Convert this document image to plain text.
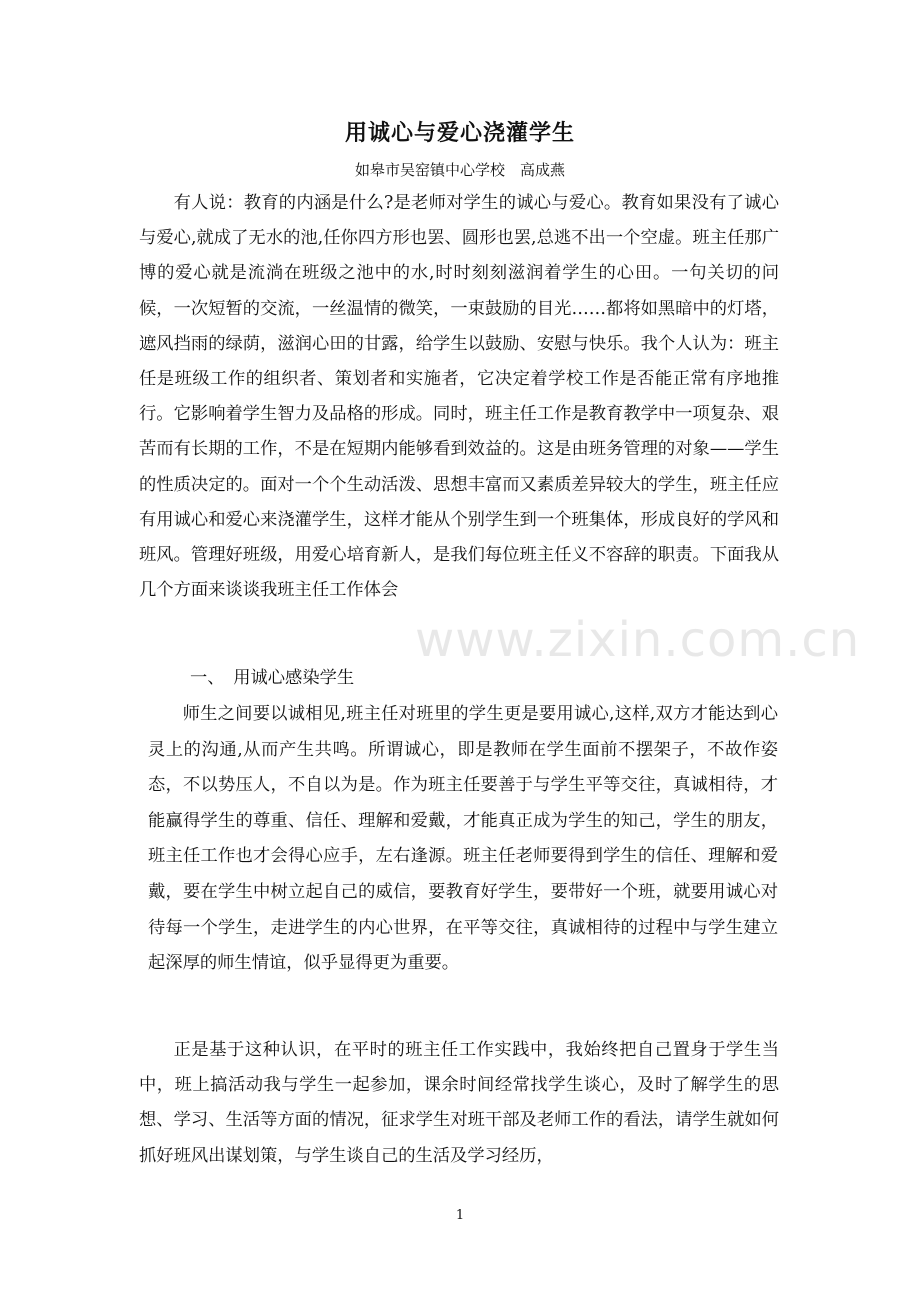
用诚心与爱心浇灌学生
如皋市吴窑镇中心学校　高成燕

有人说：教育的内涵是什么?是老师对学生的诚心与爱心。教育如果没有了诚心与爱心,就成了无水的池,任你四方形也罢、圆形也罢,总逃不出一个空虚。班主任那广博的爱心就是流淌在班级之池中的水,时时刻刻滋润着学生的心田。一句关切的问候，一次短暂的交流，一丝温情的微笑，一束鼓励的目光……都将如黑暗中的灯塔，遮风挡雨的绿荫，滋润心田的甘露，给学生以鼓励、安慰与快乐。我个人认为：班主任是班级工作的组织者、策划者和实施者，它决定着学校工作是否能正常有序地推行。它影响着学生智力及品格的形成。同时，班主任工作是教育教学中一项复杂、艰苦而有长期的工作，不是在短期内能够看到效益的。这是由班务管理的对象——学生的性质决定的。面对一个个生动活泼、思想丰富而又素质差异较大的学生，班主任应有用诚心和爱心来浇灌学生，这样才能从个别学生到一个班集体，形成良好的学风和班风。管理好班级，用爱心培育新人，是我们每位班主任义不容辞的职责。下面我从几个方面来谈谈我班主任工作体会

www.zixin.com.cn

一、　用诚心感染学生

师生之间要以诚相见,班主任对班里的学生更是要用诚心,这样,双方才能达到心灵上的沟通,从而产生共鸣。所谓诚心，即是教师在学生面前不摆架子，不故作姿态，不以势压人，不自以为是。作为班主任要善于与学生平等交往，真诚相待，才能赢得学生的尊重、信任、理解和爱戴，才能真正成为学生的知己，学生的朋友，班主任工作也才会得心应手，左右逢源。班主任老师要得到学生的信任、理解和爱戴，要在学生中树立起自己的威信，要教育好学生，要带好一个班，就要用诚心对待每一个学生，走进学生的内心世界，在平等交往，真诚相待的过程中与学生建立起深厚的师生情谊，似乎显得更为重要。

正是基于这种认识，在平时的班主任工作实践中，我始终把自己置身于学生当中，班上搞活动我与学生一起参加，课余时间经常找学生谈心，及时了解学生的思想、学习、生活等方面的情况，征求学生对班干部及老师工作的看法，请学生就如何抓好班风出谋划策，与学生谈自己的生活及学习经历，

1
